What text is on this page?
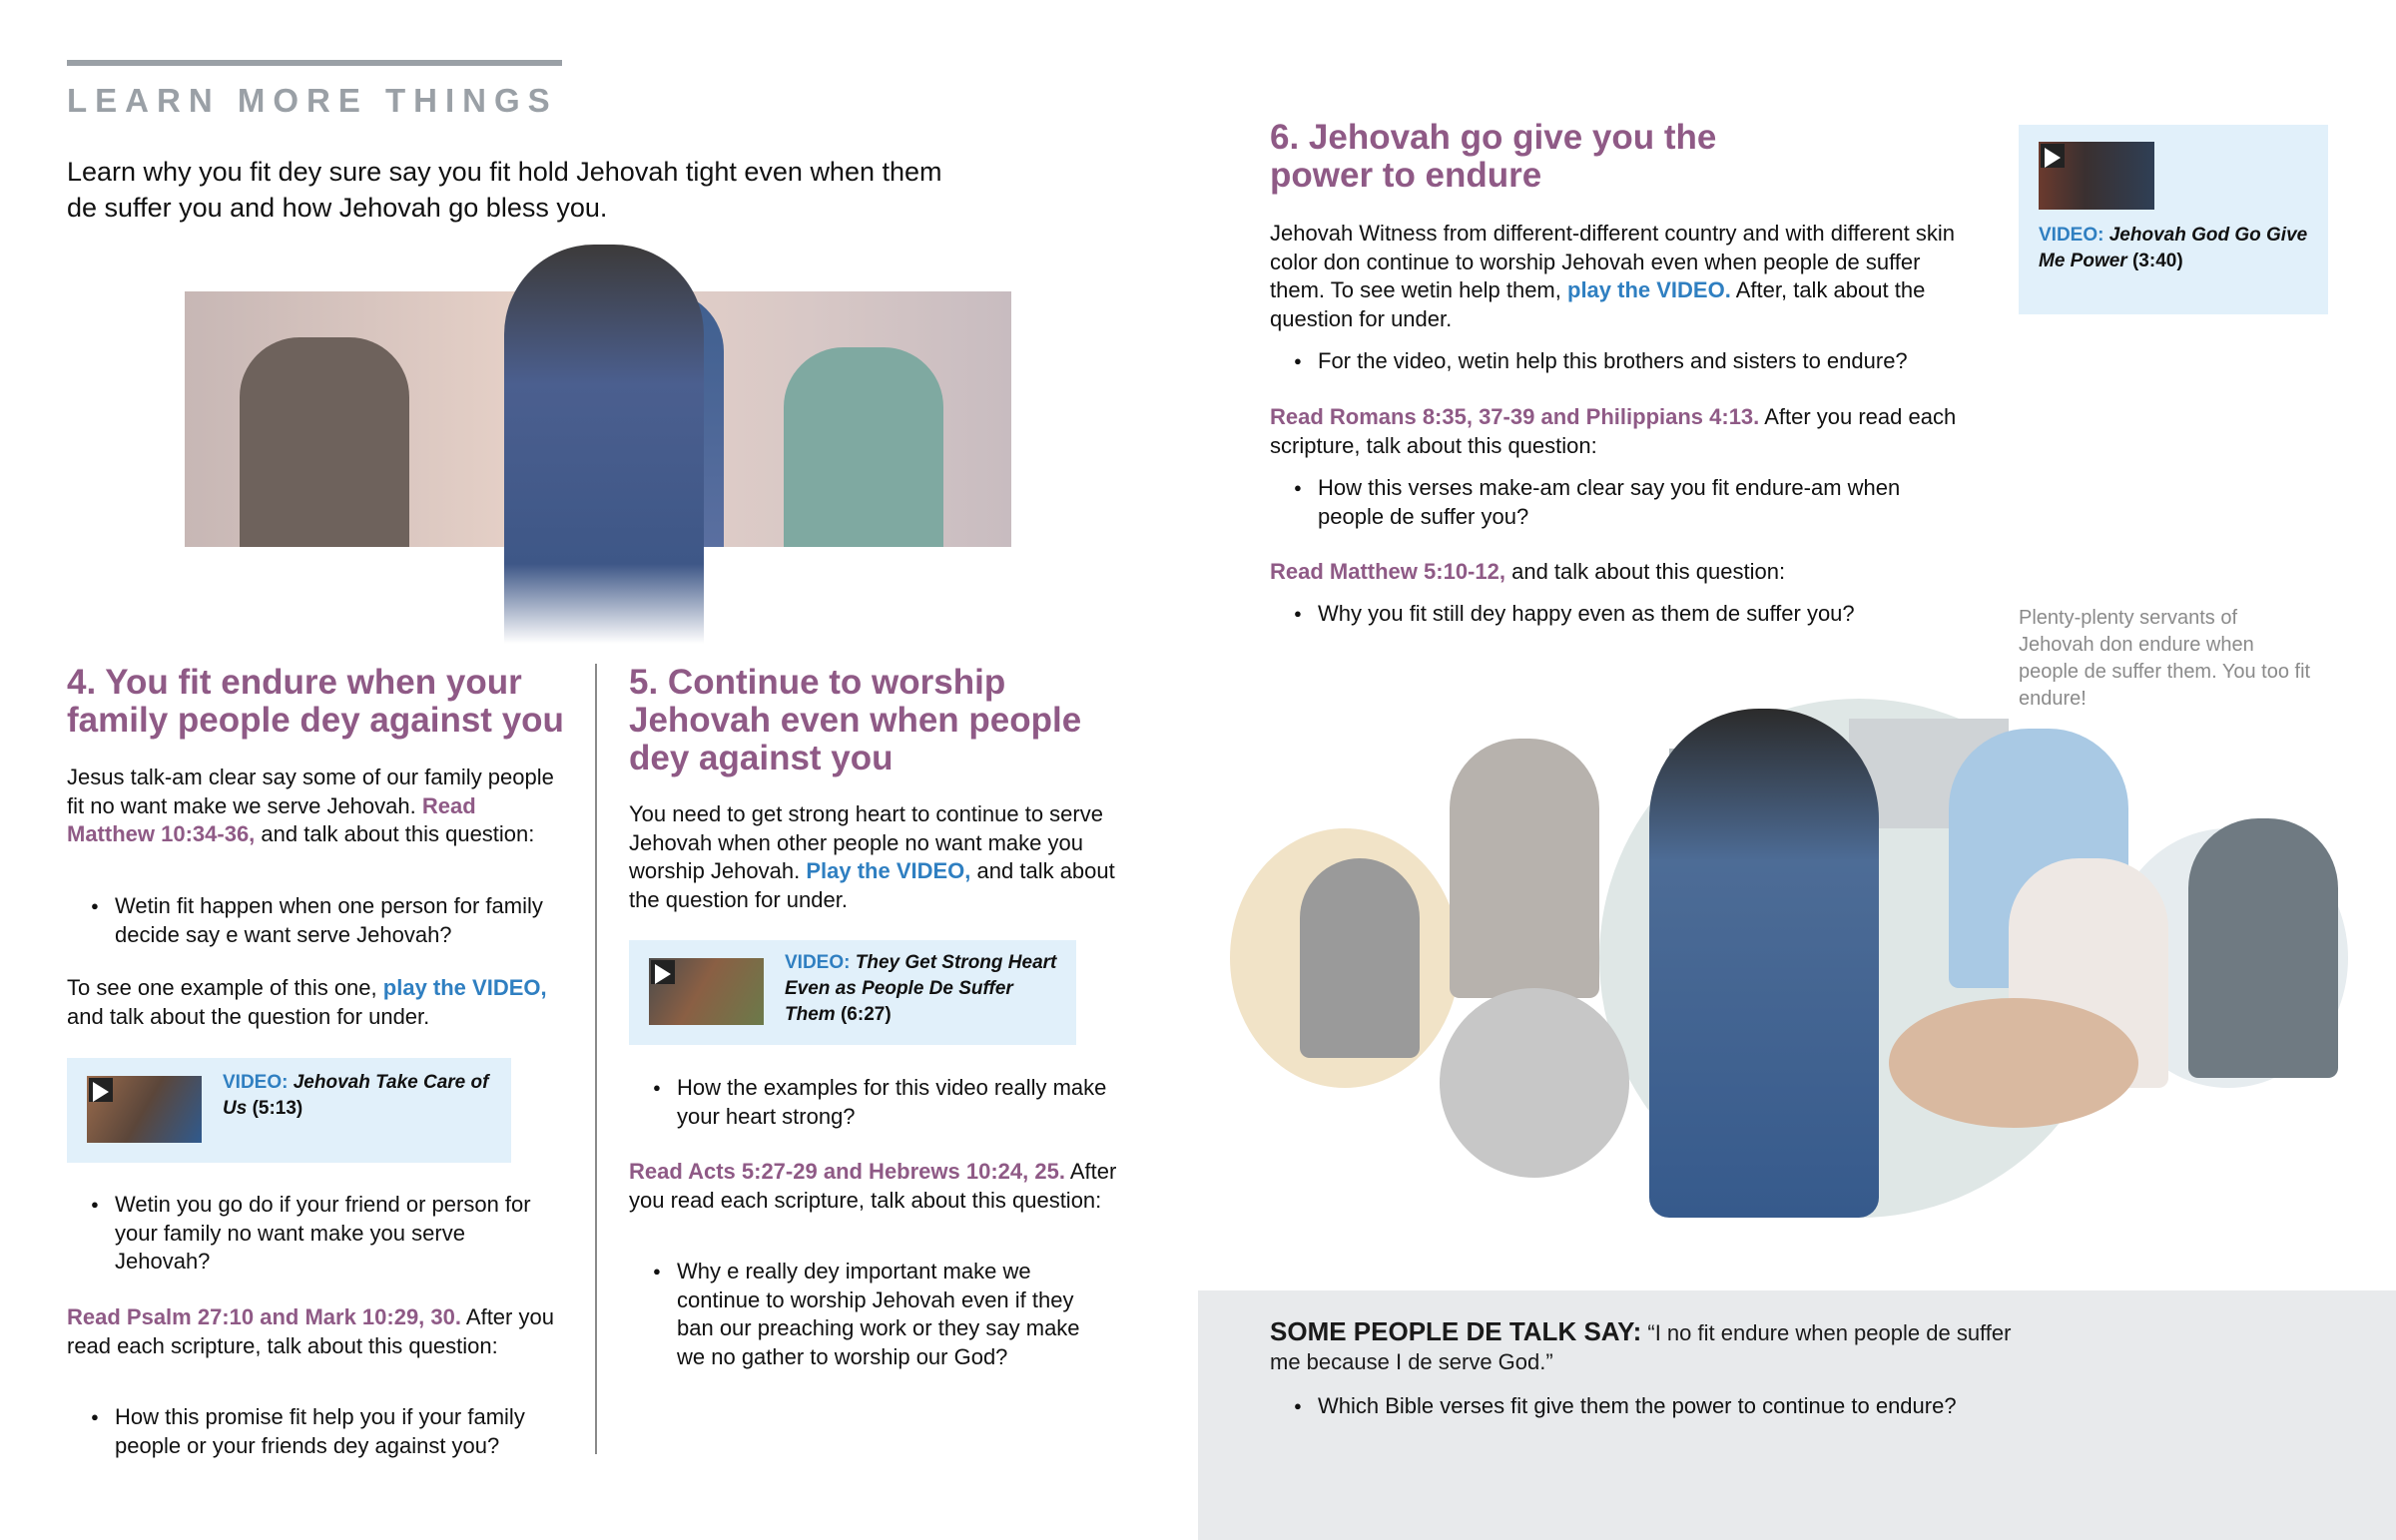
LEARN MORE THINGS
Learn why you fit dey sure say you fit hold Jehovah tight even when them de suffer you and how Jehovah go bless you.
4. You fit endure when your family people dey against you
Jesus talk-am clear say some of our family people fit no want make we serve Jehovah. Read Matthew 10:34-36, and talk about this question:
● Wetin fit happen when one person for family decide say e want serve Jehovah?
To see one example of this one, play the VIDEO, and talk about the question for under.
VIDEO: Jehovah Take Care of Us (5:13)
● Wetin you go do if your friend or person for your family no want make you serve Jehovah?
Read Psalm 27:10 and Mark 10:29, 30. After you read each scripture, talk about this question:
● How this promise fit help you if your family people or your friends dey against you?
5. Continue to worship Jehovah even when people dey against you
You need to get strong heart to continue to serve Jehovah when other people no want make you worship Jehovah. Play the VIDEO, and talk about the question for under.
VIDEO: They Get Strong Heart Even as People De Suffer Them (6:27)
● How the examples for this video really make your heart strong?
Read Acts 5:27-29 and Hebrews 10:24, 25. After you read each scripture, talk about this question:
● Why e really dey important make we continue to worship Jehovah even if they ban our preaching work or they say make we no gather to worship our God?
6. Jehovah go give you the power to endure
Jehovah Witness from different-different country and with different skin color don continue to worship Jehovah even when people de suffer them. To see wetin help them, play the VIDEO. After, talk about the question for under.
● For the video, wetin help this brothers and sisters to endure?
Read Romans 8:35, 37-39 and Philippians 4:13. After you read each scripture, talk about this question:
● How this verses make-am clear say you fit endure-am when people de suffer you?
Read Matthew 5:10-12, and talk about this question:
● Why you fit still dey happy even as them de suffer you?
VIDEO: Jehovah God Go Give Me Power (3:40)
Plenty-plenty servants of Jehovah don endure when people de suffer them. You too fit endure!
SOME PEOPLE DE TALK SAY: “I no fit endure when people de suffer me because I de serve God.”
● Which Bible verses fit give them the power to continue to endure?
